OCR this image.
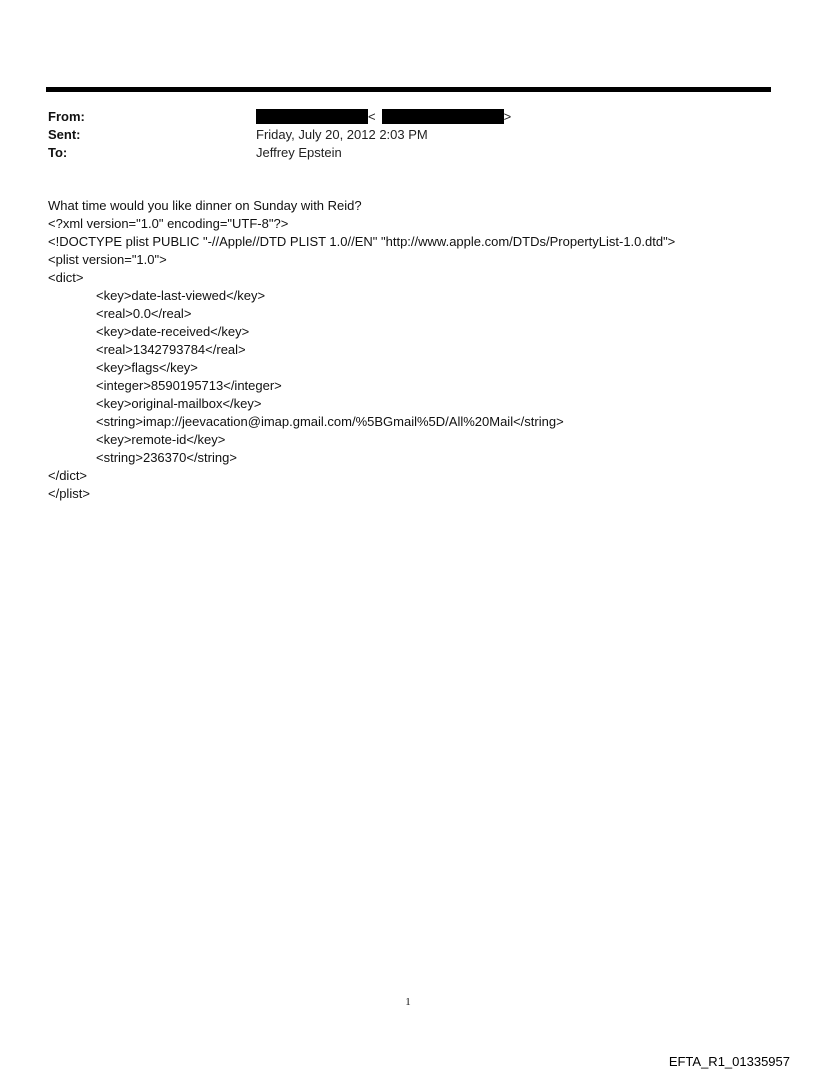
From:	<	>
Sent:	Friday, July 20, 2012 2:03 PM
To:	Jeffrey Epstein
What time would you like dinner on Sunday with Reid?
<?xml version="1.0" encoding="UTF-8"?>
<!DOCTYPE plist PUBLIC "-//Apple//DTD PLIST 1.0//EN" "http://www.apple.com/DTDs/PropertyList-1.0.dtd">
<plist version="1.0">
<dict>
<key>date-last-viewed</key>
<real>0.0</real>
<key>date-received</key>
<real>1342793784</real>
<key>flags</key>
<integer>8590195713</integer>
<key>original-mailbox</key>
<string>imap://jeevacation@imap.gmail.com/%5BGmail%5D/All%20Mail</string>
<key>remote-id</key>
<string>236370</string>
</dict>
</plist>
1
EFTA_R1_01335957
